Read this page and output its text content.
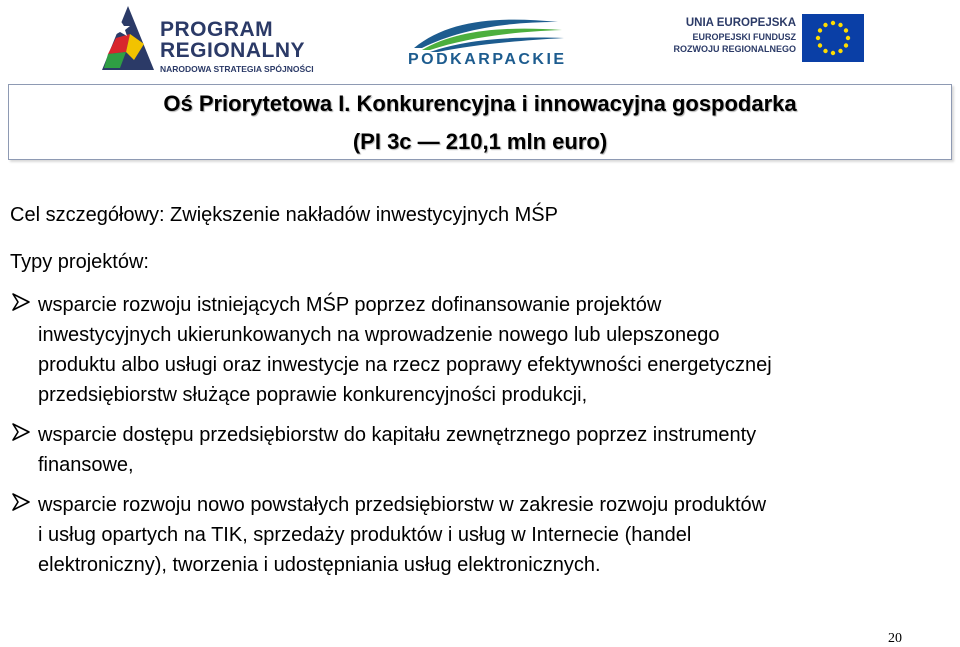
PROGRAM
REGIONALNY
NARODOWA STRATEGIA SPÓJNOŚCI
PODKARPACKIE
UNIA EUROPEJSKA
EUROPEJSKI FUNDUSZ
ROZWOJU REGIONALNEGO
Oś Priorytetowa I. Konkurencyjna i innowacyjna gospodarka
(PI 3c — 210,1 mln euro)
Cel szczegółowy: Zwiększenie nakładów inwestycyjnych MŚP
Typy projektów:
wsparcie rozwoju istniejących MŚP poprzez dofinansowanie projektów
inwestycyjnych ukierunkowanych na wprowadzenie nowego lub ulepszonego
produktu albo usługi oraz inwestycje na rzecz poprawy efektywności energetycznej
przedsiębiorstw służące poprawie konkurencyjności produkcji,
wsparcie dostępu przedsiębiorstw do kapitału zewnętrznego poprzez instrumenty
finansowe,
wsparcie rozwoju nowo powstałych przedsiębiorstw w zakresie rozwoju produktów
i usług opartych na TIK, sprzedaży produktów i usług w Internecie (handel
elektroniczny), tworzenia i udostępniania usług elektronicznych.
20
